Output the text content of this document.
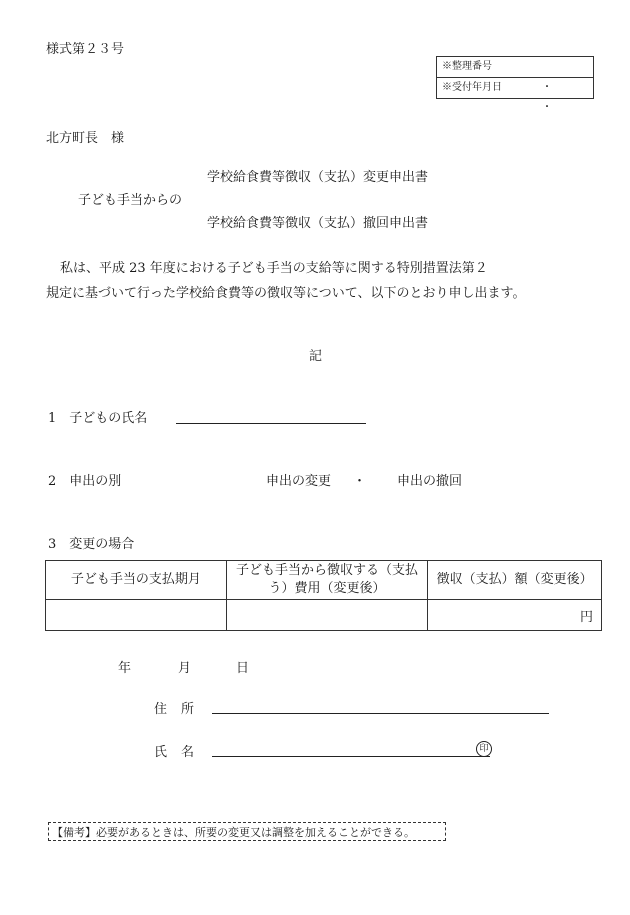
様式第２３号
※整理番号
※受付年月日	・・
北方町長　様
学校給食費等徴収（支払）変更申出書
子ども手当からの
学校給食費等徴収（支払）撤回申出書
私は、平成 23 年度における子ども手当の支給等に関する特別措置法第２
規定に基づいて行った学校給食費等の徴収等について、以下のとおり申し出ます。
記
1　子どもの氏名
2　申出の別	申出の変更 ・ 申出の撤回
3　変更の場合
子ども手当の支払期月	子ども手当から徴収する（支払う）費用（変更後）	徴収（支払）額（変更後）
		円
年	月	日
住所
氏名	印
【備考】必要があるときは、所要の変更又は調整を加えることができる。
